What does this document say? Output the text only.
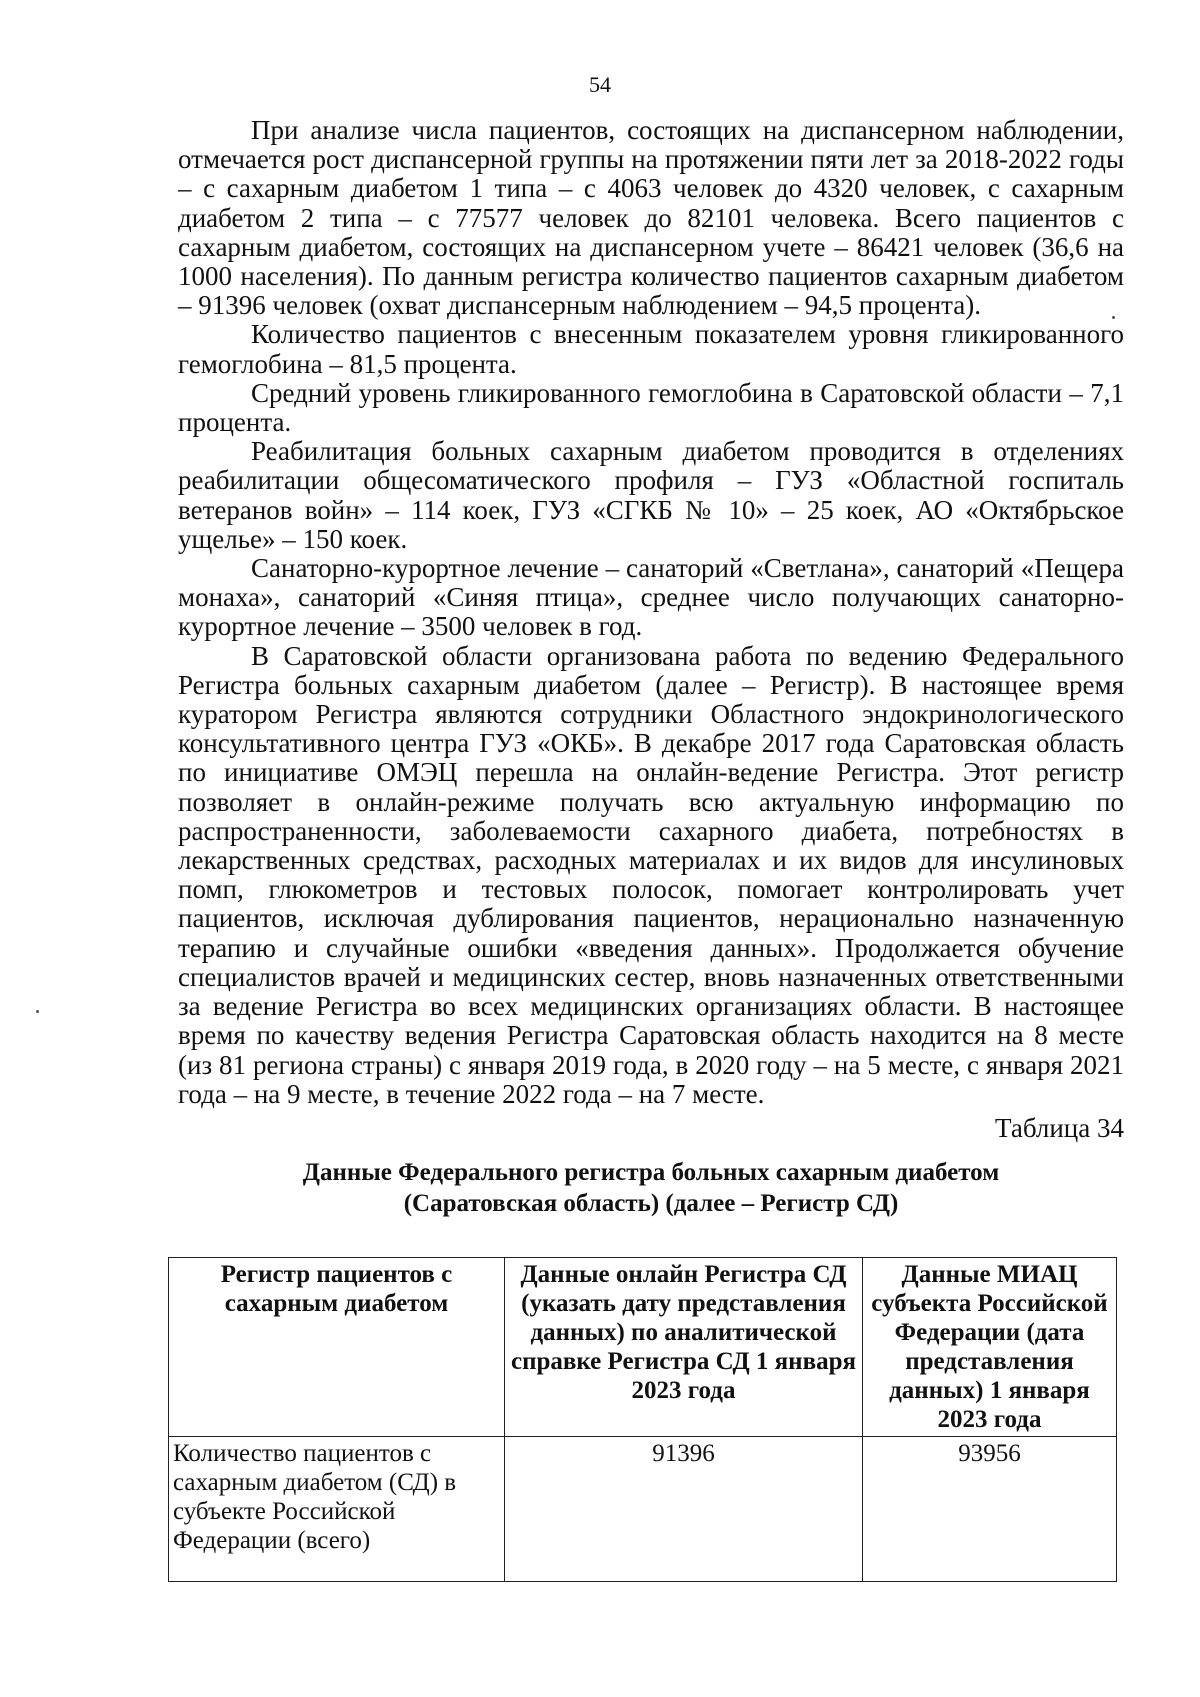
54

При анализе числа пациентов, состоящих на диспансерном наблюдении, отмечается рост диспансерной группы на протяжении пяти лет за 2018-2022 годы – с сахарным диабетом 1 типа – с 4063 человек до 4320 человек, с сахарным диабетом 2 типа – с 77577 человек до 82101 человека. Всего пациентов с сахарным диабетом, состоящих на диспансерном учете – 86421 человек (36,6 на 1000 населения). По данным регистра количество пациентов сахарным диабетом – 91396 человек (охват диспансерным наблюдением – 94,5 процента).

Количество пациентов с внесенным показателем уровня гликированного гемоглобина – 81,5 процента.

Средний уровень гликированного гемоглобина в Саратовской области – 7,1 процента.

Реабилитация больных сахарным диабетом проводится в отделениях реабилитации общесоматического профиля – ГУЗ «Областной госпиталь ветеранов войн» – 114 коек, ГУЗ «СГКБ № 10» – 25 коек, АО «Октябрьское ущелье» – 150 коек.

Санаторно-курортное лечение – санаторий «Светлана», санаторий «Пещера монаха», санаторий «Синяя птица», среднее число получающих санаторно-курортное лечение – 3500 человек в год.

В Саратовской области организована работа по ведению Федерального Регистра больных сахарным диабетом (далее – Регистр). В настоящее время куратором Регистра являются сотрудники Областного эндокринологического консультативного центра ГУЗ «ОКБ». В декабре 2017 года Саратовская область по инициативе ОМЭЦ перешла на онлайн-ведение Регистра. Этот регистр позволяет в онлайн-режиме получать всю актуальную информацию по распространенности, заболеваемости сахарного диабета, потребностях в лекарственных средствах, расходных материалах и их видов для инсулиновых помп, глюкометров и тестовых полосок, помогает контролировать учет пациентов, исключая дублирования пациентов, нерационально назначенную терапию и случайные ошибки «введения данных». Продолжается обучение специалистов врачей и медицинских сестер, вновь назначенных ответственными за ведение Регистра во всех медицинских организациях области. В настоящее время по качеству ведения Регистра Саратовская область находится на 8 месте (из 81 региона страны) с января 2019 года, в 2020 году – на 5 месте, с января 2021 года – на 9 месте, в течение 2022 года – на 7 месте.

Таблица 34
Данные Федерального регистра больных сахарным диабетом
(Саратовская область) (далее – Регистр СД)
Регистр пациентов с сахарным диабетом	Данные онлайн Регистра СД (указать дату представления данных) по аналитической справке Регистра СД 1 января 2023 года	Данные МИАЦ субъекта Российской Федерации (дата представления данных) 1 января 2023 года
Количество пациентов с сахарным диабетом (СД) в субъекте Российской Федерации (всего)	91396	93956
